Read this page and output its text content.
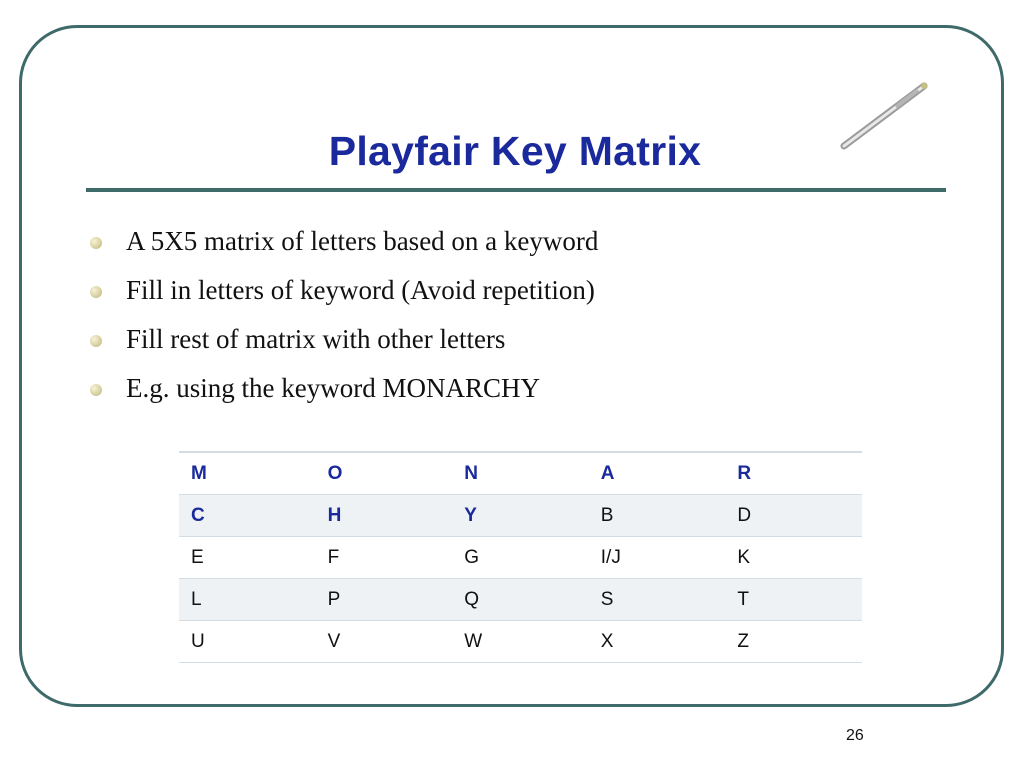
Playfair Key Matrix
A 5X5 matrix of letters based on a keyword
Fill in letters of keyword (Avoid repetition)
Fill rest of matrix with other letters
E.g. using the keyword MONARCHY
M	O	N	A	R
C	H	Y	B	D
E	F	G	I/J	K
L	P	Q	S	T
U	V	W	X	Z
26
